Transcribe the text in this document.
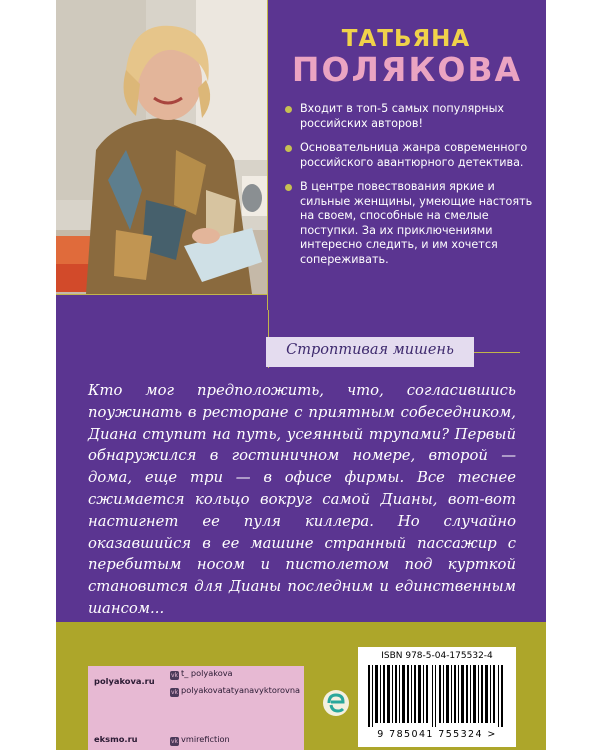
ТАТЬЯНА
ПОЛЯКОВА
Входит в топ-5 самых популярных российских авторов!
Основательница жанра современного российского авантюрного детектива.
В центре повествования яркие и сильные женщины, умеющие настоять на своем, способные на смелые поступки. За их приключениями интересно следить, и им хочется сопереживать.
Строптивая мишень
Кто мог предположить, что, согласившись поужинать в ресторане с приятным собеседником, Диана ступит на путь, усеянный трупами? Первый обнаружился в гостиничном номере, второй — дома, еще три — в офисе фирмы. Все теснее сжимается кольцо вокруг самой Дианы, вот-вот настигнет ее пуля киллера. Но случайно оказавшийся в ее машине странный пассажир с перебитым носом и пистолетом под курткой становится для Дианы последним и единственным шансом...
polyakova.ru
vk t_ polyakova
vk polyakovatatyanavyktorovna
eksmo.ru	vk vmirefiction
ISBN 978-5-04-175532-4
9 785041 755324 >
